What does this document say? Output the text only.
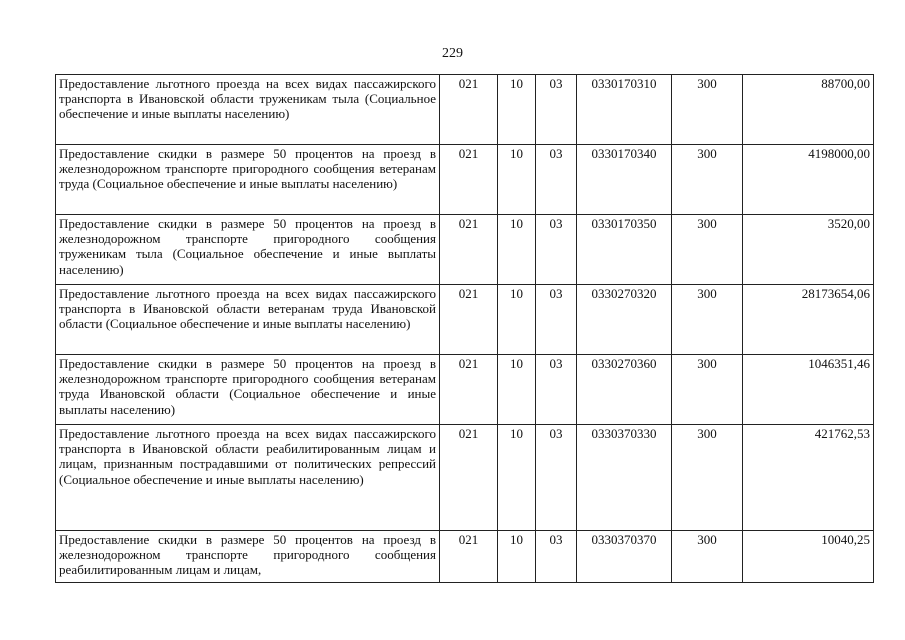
229
Предоставление льготного проезда на всех видах пассажирского транспорта в Ивановской области труженикам тыла (Социальное обеспечение и иные выплаты населению)	021	10	03	0330170310	300	88700,00
Предоставление скидки в размере 50 процентов на проезд в железнодорожном транспорте пригородного сообщения ветеранам труда (Социальное обеспечение и иные выплаты населению)	021	10	03	0330170340	300	4198000,00
Предоставление скидки в размере 50 процентов на проезд в железнодорожном транспорте пригородного сообщения труженикам тыла (Социальное обеспечение и иные выплаты населению)	021	10	03	0330170350	300	3520,00
Предоставление льготного проезда на всех видах пассажирского транспорта в Ивановской области ветеранам труда Ивановской области (Социальное обеспечение и иные выплаты населению)	021	10	03	0330270320	300	28173654,06
Предоставление скидки в размере 50 процентов на проезд в железнодорожном транспорте пригородного сообщения ветеранам труда Ивановской области (Социальное обеспечение и иные выплаты населению)	021	10	03	0330270360	300	1046351,46
Предоставление льготного проезда на всех видах пассажирского транспорта в Ивановской области реабилитированным лицам и лицам, признанным пострадавшими от политических репрессий (Социальное обеспечение и иные выплаты населению)	021	10	03	0330370330	300	421762,53
Предоставление скидки в размере 50 процентов на проезд в железнодорожном транспорте пригородного сообщения реабилитированным лицам и лицам,	021	10	03	0330370370	300	10040,25
